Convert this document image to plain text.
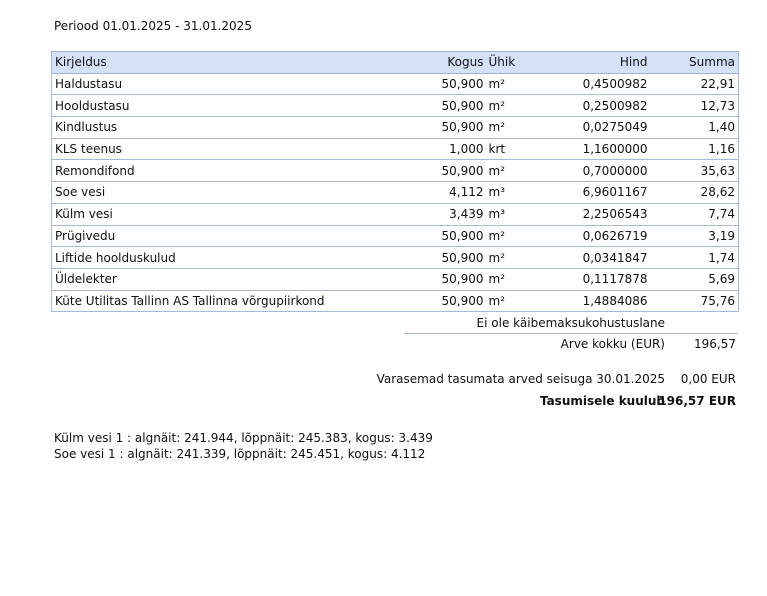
Periood 01.01.2025 - 31.01.2025
Kirjeldus	Kogus	Ühik	Hind	Summa
Haldustasu	50,900	m²	0,4500982	22,91
Hooldustasu	50,900	m²	0,2500982	12,73
Kindlustus	50,900	m²	0,0275049	1,40
KLS teenus	1,000	krt	1,1600000	1,16
Remondifond	50,900	m²	0,7000000	35,63
Soe vesi	4,112	m³	6,9601167	28,62
Külm vesi	3,439	m³	2,2506543	7,74
Prügivedu	50,900	m²	0,0626719	3,19
Liftide hoolduskulud	50,900	m²	0,0341847	1,74
Üldelekter	50,900	m²	0,1117878	5,69
Küte Utilitas Tallinn AS Tallinna võrgupiirkond	50,900	m²	1,4884086	75,76
Ei ole käibemaksukohustuslane
Arve kokku (EUR) 196,57
Varasemad tasumata arved seisuga 30.01.2025 0,00 EUR
Tasumisele kuulub
196,57 EUR
Külm vesi 1 : algnäit: 241.944, lõppnäit: 245.383, kogus: 3.439
Soe vesi 1 : algnäit: 241.339, lõppnäit: 245.451, kogus: 4.112
